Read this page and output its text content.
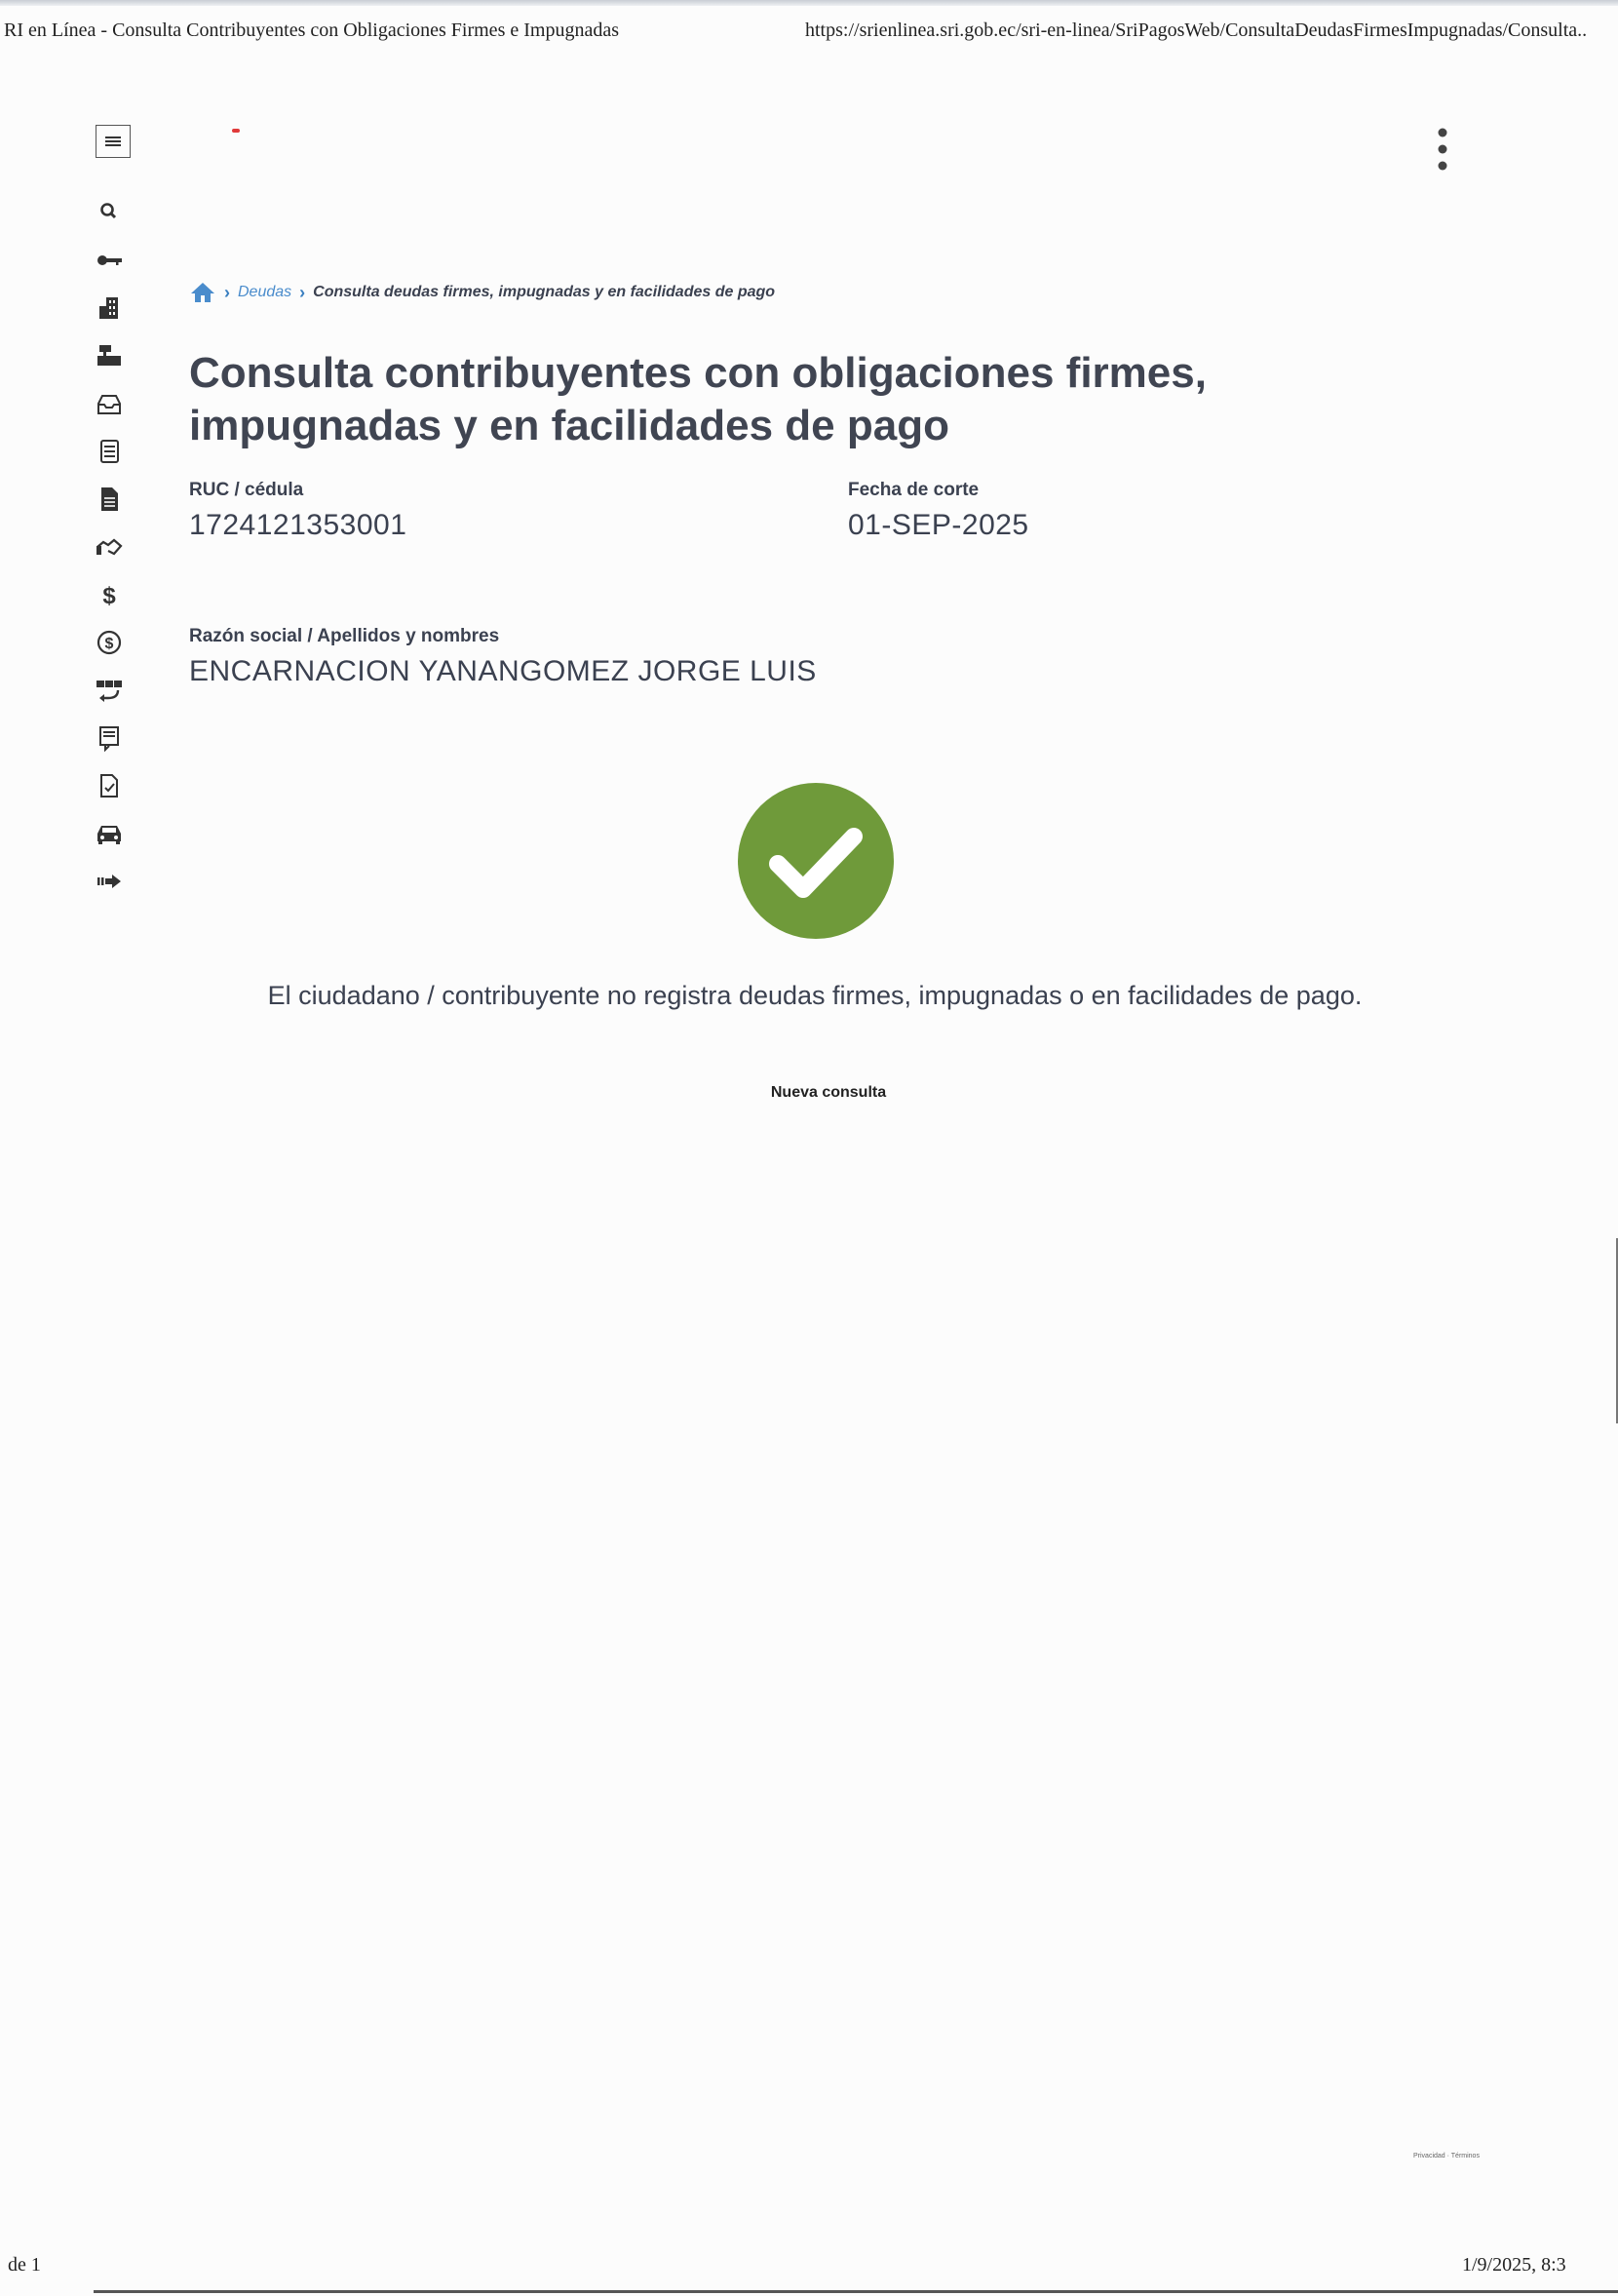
RI en Línea - Consulta Contribuyentes con Obligaciones Firmes e Impugnadas	https://srienlinea.sri.gob.ec/sri-en-linea/SriPagosWeb/ConsultaDeudasFirmesImpugnadas/Consulta..
$
$
› Deudas › Consulta deudas firmes, impugnadas y en facilidades de pago
Consulta contribuyentes con obligaciones firmes, impugnadas y en facilidades de pago
RUC / cédula
1724121353001
Fecha de corte
01-SEP-2025
Razón social / Apellidos y nombres
ENCARNACION YANANGOMEZ JORGE LUIS
El ciudadano / contribuyente no registra deudas firmes, impugnadas o en facilidades de pago.
Nueva consulta
Privacidad · Términos
de 1	1/9/2025, 8:3
